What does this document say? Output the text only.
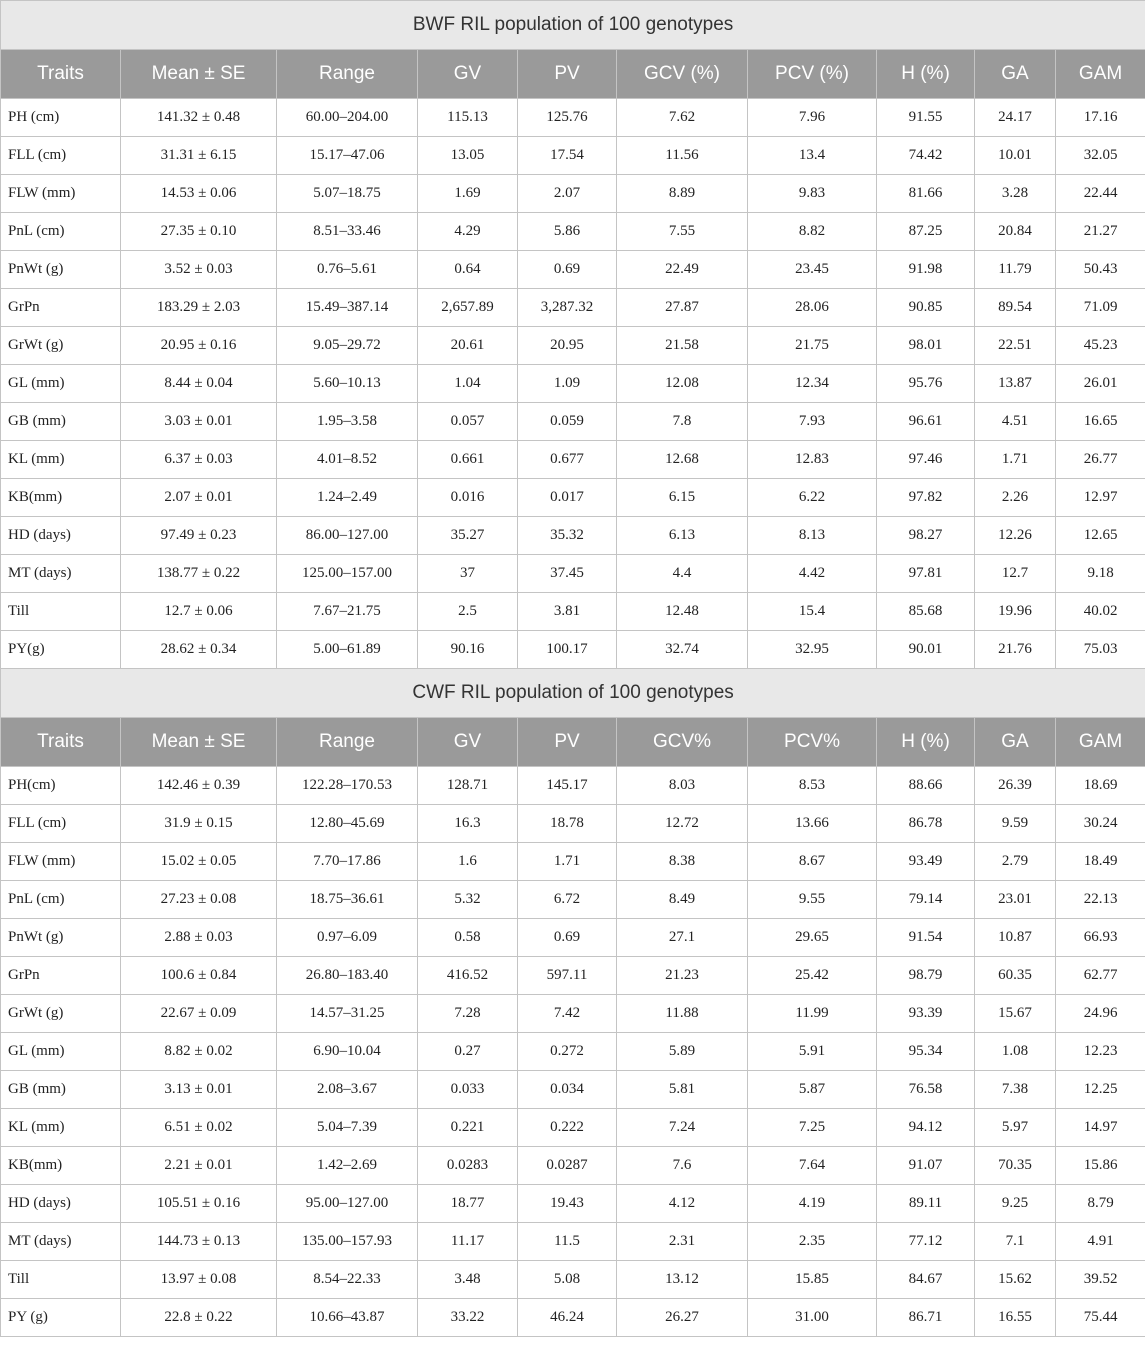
BWF RIL population of 100 genotypes									
Traits	Mean ± SE	Range	GV	PV	GCV (%)	PCV (%)	H (%)	GA	GAM
PH (cm)	141.32 ± 0.48	60.00–204.00	115.13	125.76	7.62	7.96	91.55	24.17	17.16
FLL (cm)	31.31 ± 6.15	15.17–47.06	13.05	17.54	11.56	13.4	74.42	10.01	32.05
FLW (mm)	14.53 ± 0.06	5.07–18.75	1.69	2.07	8.89	9.83	81.66	3.28	22.44
PnL (cm)	27.35 ± 0.10	8.51–33.46	4.29	5.86	7.55	8.82	87.25	20.84	21.27
PnWt (g)	3.52 ± 0.03	0.76–5.61	0.64	0.69	22.49	23.45	91.98	11.79	50.43
GrPn	183.29 ± 2.03	15.49–387.14	2,657.89	3,287.32	27.87	28.06	90.85	89.54	71.09
GrWt (g)	20.95 ± 0.16	9.05–29.72	20.61	20.95	21.58	21.75	98.01	22.51	45.23
GL (mm)	8.44 ± 0.04	5.60–10.13	1.04	1.09	12.08	12.34	95.76	13.87	26.01
GB (mm)	3.03 ± 0.01	1.95–3.58	0.057	0.059	7.8	7.93	96.61	4.51	16.65
KL (mm)	6.37 ± 0.03	4.01–8.52	0.661	0.677	12.68	12.83	97.46	1.71	26.77
KB(mm)	2.07 ± 0.01	1.24–2.49	0.016	0.017	6.15	6.22	97.82	2.26	12.97
HD (days)	97.49 ± 0.23	86.00–127.00	35.27	35.32	6.13	8.13	98.27	12.26	12.65
MT (days)	138.77 ± 0.22	125.00–157.00	37	37.45	4.4	4.42	97.81	12.7	9.18
Till	12.7 ± 0.06	7.67–21.75	2.5	3.81	12.48	15.4	85.68	19.96	40.02
PY(g)	28.62 ± 0.34	5.00–61.89	90.16	100.17	32.74	32.95	90.01	21.76	75.03
CWF RIL population of 100 genotypes									
Traits	Mean ± SE	Range	GV	PV	GCV%	PCV%	H (%)	GA	GAM
PH(cm)	142.46 ± 0.39	122.28–170.53	128.71	145.17	8.03	8.53	88.66	26.39	18.69
FLL (cm)	31.9 ± 0.15	12.80–45.69	16.3	18.78	12.72	13.66	86.78	9.59	30.24
FLW (mm)	15.02 ± 0.05	7.70–17.86	1.6	1.71	8.38	8.67	93.49	2.79	18.49
PnL (cm)	27.23 ± 0.08	18.75–36.61	5.32	6.72	8.49	9.55	79.14	23.01	22.13
PnWt (g)	2.88 ± 0.03	0.97–6.09	0.58	0.69	27.1	29.65	91.54	10.87	66.93
GrPn	100.6 ± 0.84	26.80–183.40	416.52	597.11	21.23	25.42	98.79	60.35	62.77
GrWt (g)	22.67 ± 0.09	14.57–31.25	7.28	7.42	11.88	11.99	93.39	15.67	24.96
GL (mm)	8.82 ± 0.02	6.90–10.04	0.27	0.272	5.89	5.91	95.34	1.08	12.23
GB (mm)	3.13 ± 0.01	2.08–3.67	0.033	0.034	5.81	5.87	76.58	7.38	12.25
KL (mm)	6.51 ± 0.02	5.04–7.39	0.221	0.222	7.24	7.25	94.12	5.97	14.97
KB(mm)	2.21 ± 0.01	1.42–2.69	0.0283	0.0287	7.6	7.64	91.07	70.35	15.86
HD (days)	105.51 ± 0.16	95.00–127.00	18.77	19.43	4.12	4.19	89.11	9.25	8.79
MT (days)	144.73 ± 0.13	135.00–157.93	11.17	11.5	2.31	2.35	77.12	7.1	4.91
Till	13.97 ± 0.08	8.54–22.33	3.48	5.08	13.12	15.85	84.67	15.62	39.52
PY (g)	22.8 ± 0.22	10.66–43.87	33.22	46.24	26.27	31.00	86.71	16.55	75.44
